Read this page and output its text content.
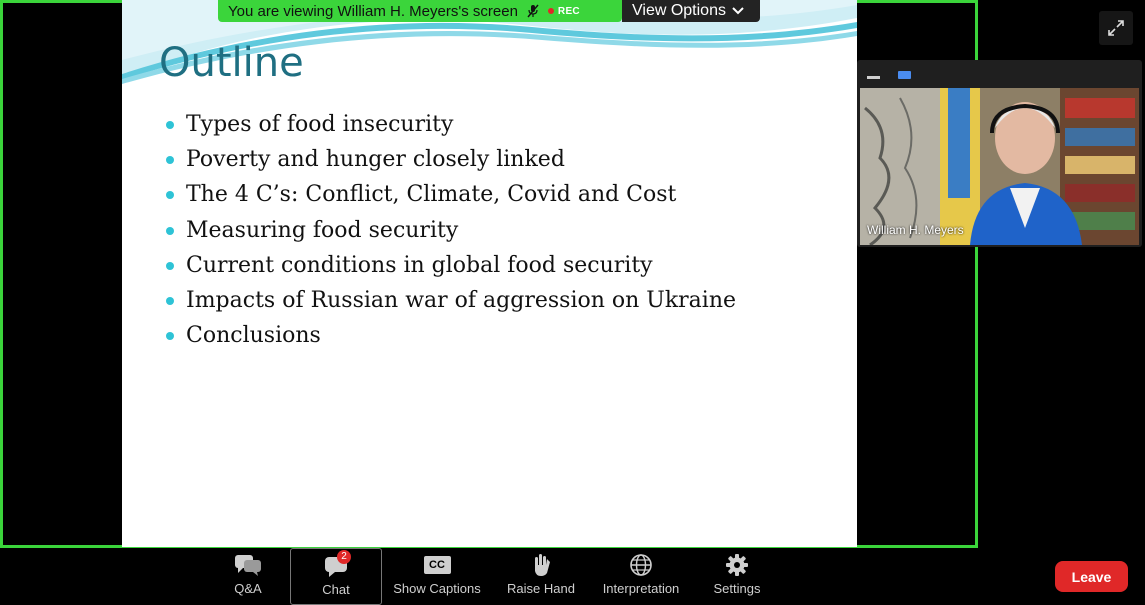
Outline
Types of food insecurity
Poverty and hunger closely linked
The 4 C’s: Conflict, Climate, Covid and Cost
Measuring food security
Current conditions in global food security
Impacts of Russian war of aggression on Ukraine
Conclusions
You are viewing William H. Meyers's screen	REC	View Options
William H. Meyers
Q&A
2
Chat
CC
Show Captions Raise Hand Interpretation	Settings
Leave
